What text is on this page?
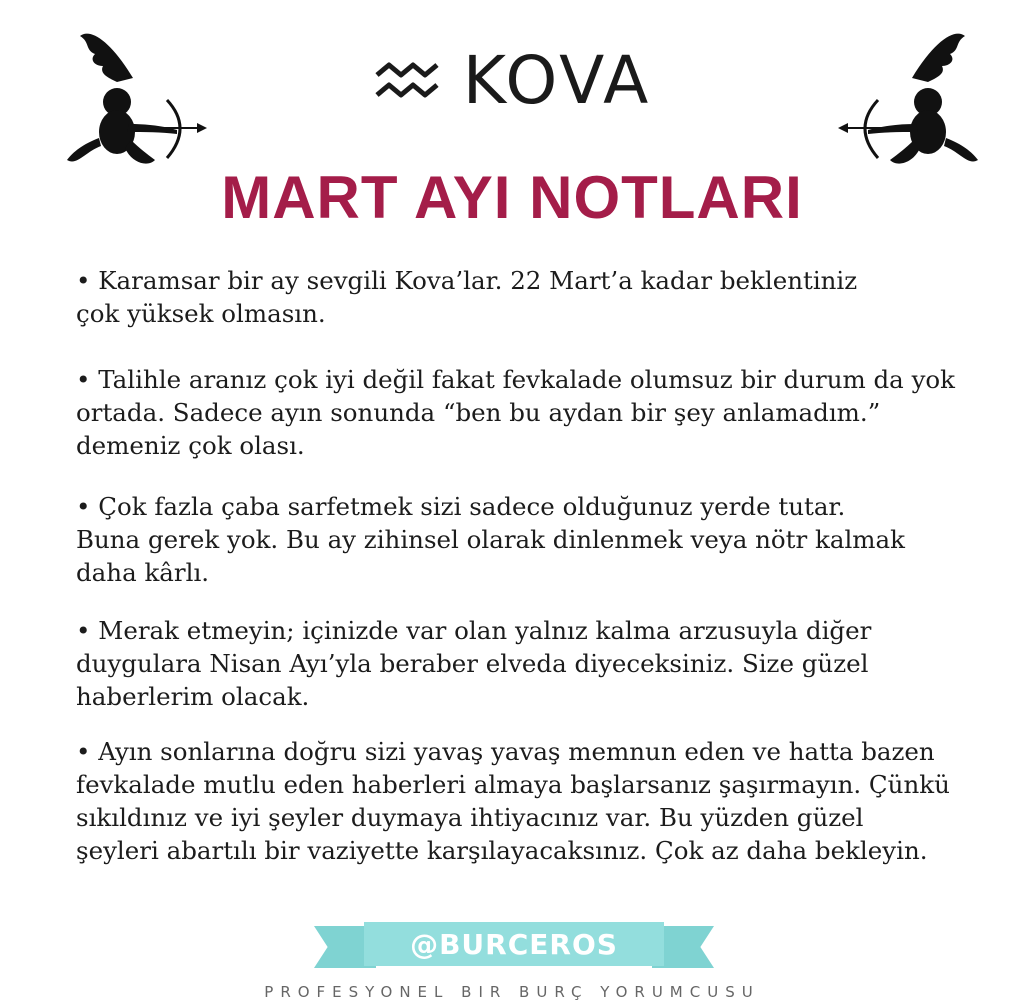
KOVA
MART AYI NOTLARI

• Karamsar bir ay sevgili Kova’lar. 22 Mart’a kadar beklentiniz
çok yüksek olmasın.

• Talihle aranız çok iyi değil fakat fevkalade olumsuz bir durum da yok
ortada. Sadece ayın sonunda “ben bu aydan bir şey anlamadım.”
demeniz çok olası.

• Çok fazla çaba sarfetmek sizi sadece olduğunuz yerde tutar.
Buna gerek yok. Bu ay zihinsel olarak dinlenmek veya nötr kalmak
daha kârlı.

• Merak etmeyin; içinizde var olan yalnız kalma arzusuyla diğer
duygulara Nisan Ayı’yla beraber elveda diyeceksiniz. Size güzel
haberlerim olacak.

• Ayın sonlarına doğru sizi yavaş yavaş memnun eden ve hatta bazen
fevkalade mutlu eden haberleri almaya başlarsanız şaşırmayın. Çünkü
sıkıldınız ve iyi şeyler duymaya ihtiyacınız var. Bu yüzden güzel
şeyleri abartılı bir vaziyette karşılayacaksınız. Çok az daha bekleyin.

@BURCEROS
PROFESYONEL BIR BURÇ YORUMCUSU
